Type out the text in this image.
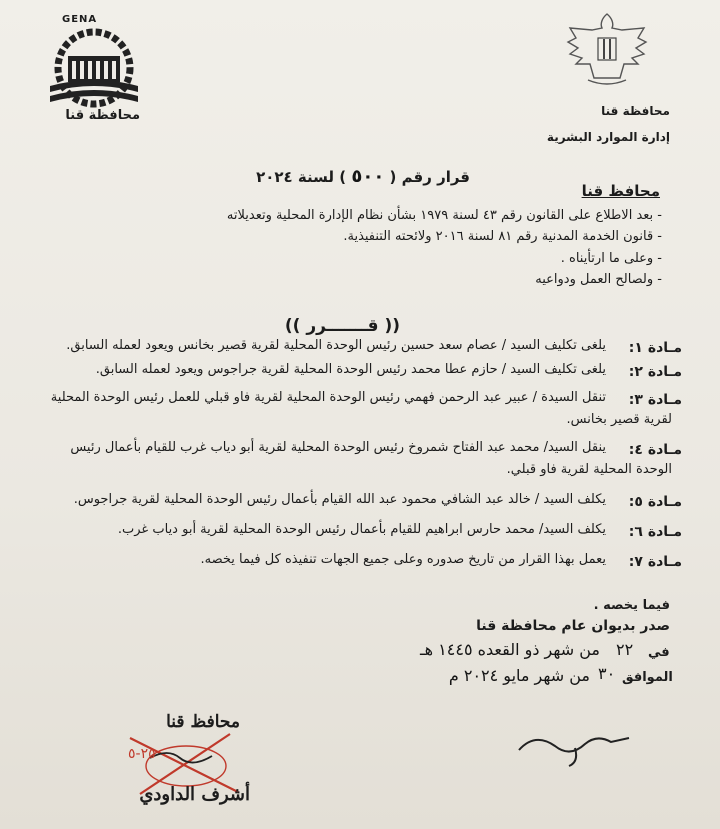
GENA
محافظة قنا	محافظة قنا
إدارة الموارد البشرية
قرار رقم ( ٥٠٠ ) لسنة ٢٠٢٤
محافظ قنا
- بعد الاطلاع على القانون رقم ٤٣ لسنة ١٩٧٩ بشأن نظام الإدارة المحلية وتعديلاته
- قانون الخدمة المدنية رقم ٨١ لسنة ٢٠١٦ ولائحته التنفيذية.
- وعلى ما ارتأيناه .
- ولصالح العمل ودواعيه
(( قـــــــرر ))
مـادة ١:
يلغى تكليف السيد / عصام سعد حسين رئيس الوحدة المحلية لقرية قصير بخانس ويعود لعمله السابق.
مـادة ٢:
يلغى تكليف السيد / حازم عطا محمد رئيس الوحدة المحلية لقرية جراجوس ويعود لعمله السابق.
مـادة ٣:
تنقل السيدة / عبير عبد الرحمن فهمي رئيس الوحدة المحلية لقرية فاو قبلي للعمل رئيس الوحدة المحلية
لقرية قصير بخانس.
مـادة ٤:
ينقل السيد/ محمد عبد الفتاح شمروخ رئيس الوحدة المحلية لقرية أبو دياب غرب للقيام بأعمال رئيس
الوحدة المحلية لقرية فاو قبلي.
مـادة ٥:
يكلف السيد / خالد عبد الشافي محمود عبد الله القيام بأعمال رئيس الوحدة المحلية لقرية جراجوس.
مـادة ٦:
يكلف السيد/ محمد حارس ابراهيم للقيام بأعمال رئيس الوحدة المحلية لقرية أبو دياب غرب.
مـادة ٧:
يعمل بهذا القرار من تاريخ صدوره وعلى جميع الجهات تنفيذه كل فيما يخصه.
فيما يخصه .
صدر بديوان عام محافظة قنا
في
٢٢
من شهر ذو القعده ١٤٤٥ هـ
الموافق
٣٠
من شهر مايو ٢٠٢٤ م
محافظ قنا
٢٥-٥
أشرف الداودي
